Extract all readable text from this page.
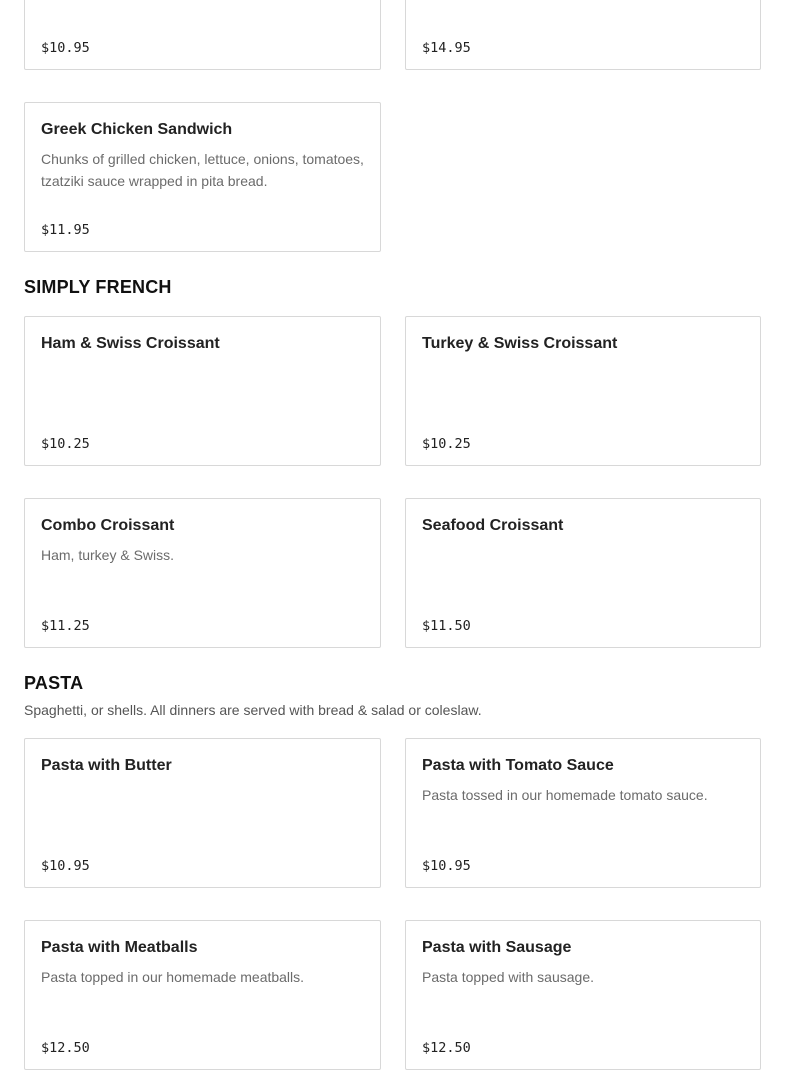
$10.95	$14.95
Greek Chicken Sandwich
Chunks of grilled chicken, lettuce, onions, tomatoes, tzatziki sauce wrapped in pita bread.
$11.95
SIMPLY FRENCH
Ham & Swiss Croissant
$10.25
Turkey & Swiss Croissant
$10.25
Combo Croissant
Ham, turkey & Swiss.
$11.25
Seafood Croissant
$11.50
PASTA
Spaghetti, or shells. All dinners are served with bread & salad or coleslaw.
Pasta with Butter
$10.95
Pasta with Tomato Sauce
Pasta tossed in our homemade tomato sauce.
$10.95
Pasta with Meatballs
Pasta topped in our homemade meatballs.
$12.50
Pasta with Sausage
Pasta topped with sausage.
$12.50
